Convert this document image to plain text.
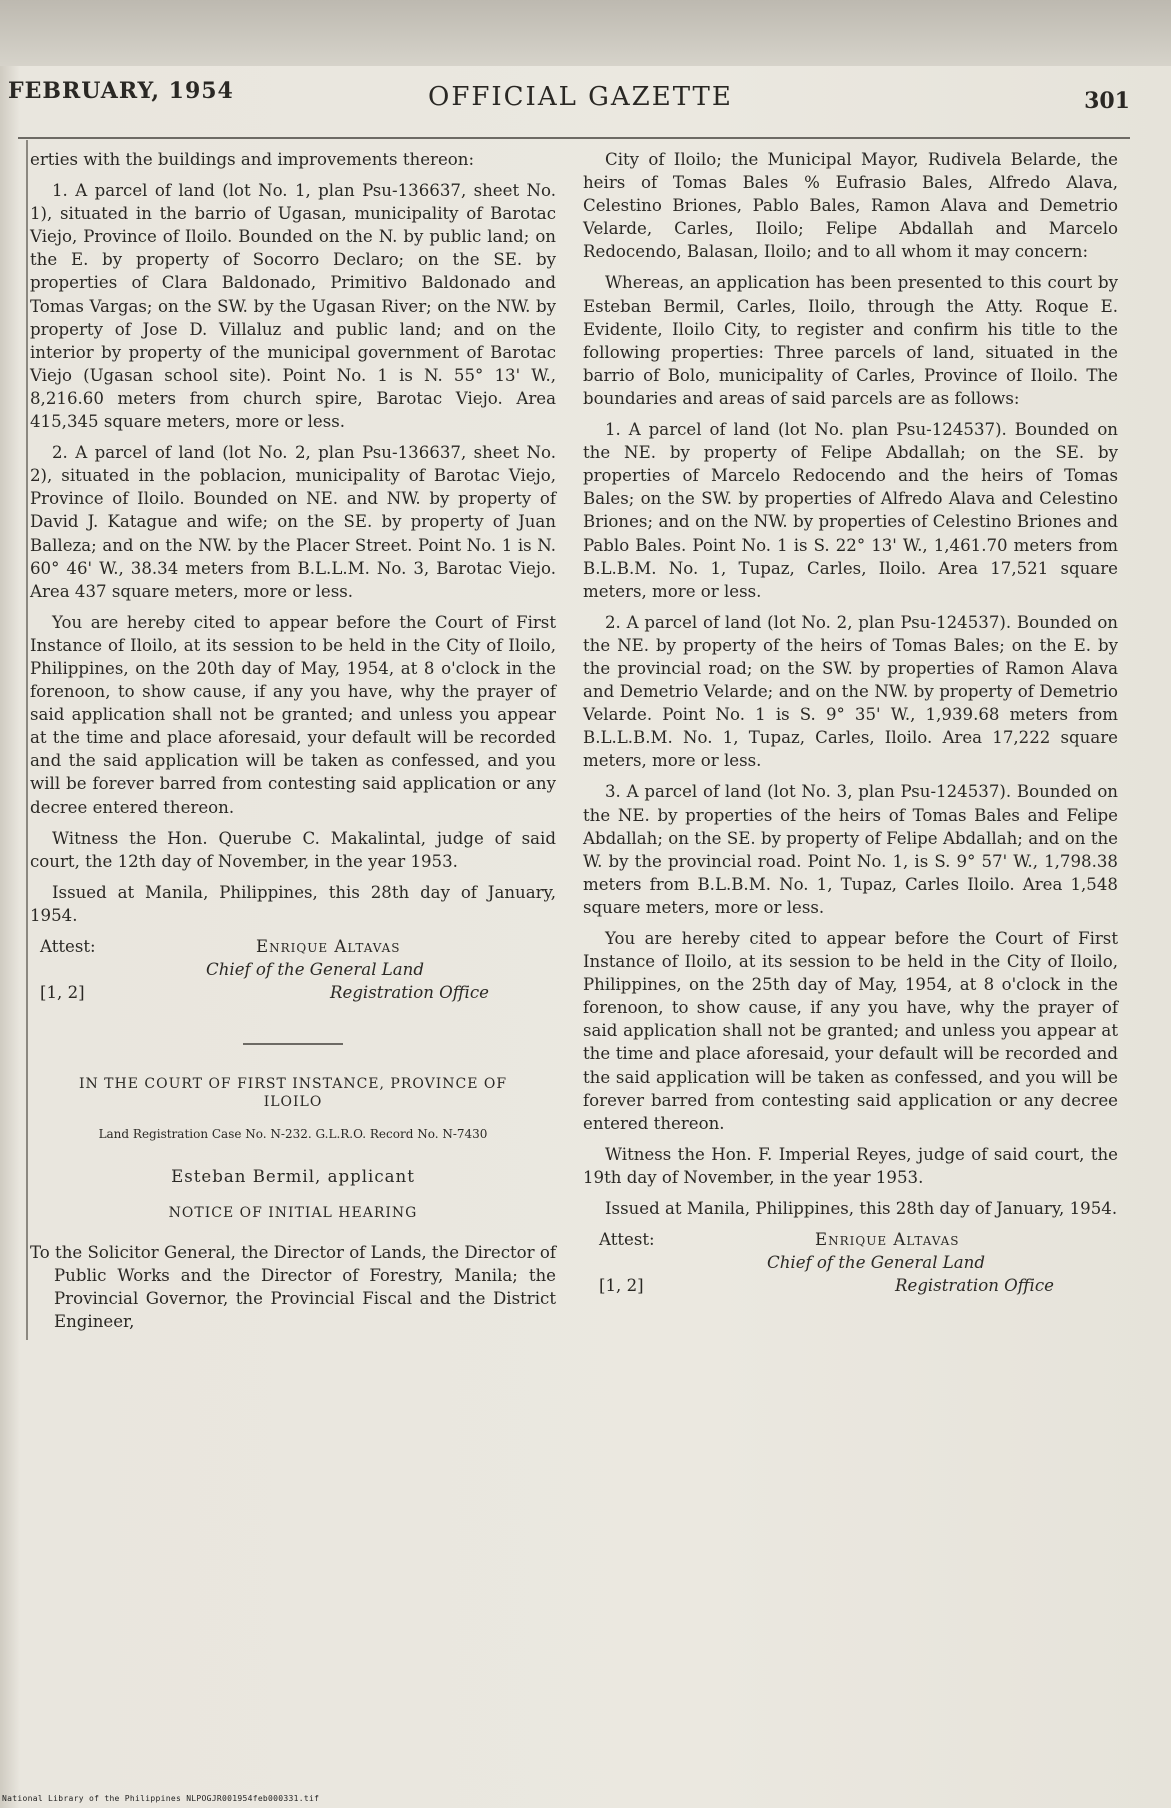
FEBRUARY, 1954	OFFICIAL GAZETTE	301

erties with the buildings and improvements thereon:

1. A parcel of land (lot No. 1, plan Psu-136637, sheet No. 1), situated in the barrio of Ugasan, municipality of Barotac Viejo, Province of Iloilo. Bounded on the N. by public land; on the E. by property of Socorro Declaro; on the SE. by properties of Clara Baldonado, Primitivo Baldonado and Tomas Vargas; on the SW. by the Ugasan River; on the NW. by property of Jose D. Villaluz and public land; and on the interior by property of the municipal government of Barotac Viejo (Ugasan school site). Point No. 1 is N. 55° 13' W., 8,216.60 meters from church spire, Barotac Viejo. Area 415,345 square meters, more or less.

2. A parcel of land (lot No. 2, plan Psu-136637, sheet No. 2), situated in the poblacion, municipality of Barotac Viejo, Province of Iloilo. Bounded on NE. and NW. by property of David J. Katague and wife; on the SE. by property of Juan Balleza; and on the NW. by the Placer Street. Point No. 1 is N. 60° 46' W., 38.34 meters from B.L.L.M. No. 3, Barotac Viejo. Area 437 square meters, more or less.

You are hereby cited to appear before the Court of First Instance of Iloilo, at its session to be held in the City of Iloilo, Philippines, on the 20th day of May, 1954, at 8 o'clock in the forenoon, to show cause, if any you have, why the prayer of said application shall not be granted; and unless you appear at the time and place aforesaid, your default will be recorded and the said application will be taken as confessed, and you will be forever barred from contesting said application or any decree entered thereon.

Witness the Hon. Querube C. Makalintal, judge of said court, the 12th day of November, in the year 1953.

Issued at Manila, Philippines, this 28th day of January, 1954.

Attest:	Enrique Altavas
Chief of the General Land
[1, 2]	Registration Office
IN THE COURT OF FIRST INSTANCE, PROVINCE OF ILOILO
Land Registration Case No. N-232. G.L.R.O. Record No. N-7430
Esteban Bermil, applicant
NOTICE OF INITIAL HEARING

To the Solicitor General, the Director of Lands, the Director of Public Works and the Director of Forestry, Manila; the Provincial Governor, the Provincial Fiscal and the District Engineer,

City of Iloilo; the Municipal Mayor, Rudivela Belarde, the heirs of Tomas Bales % Eufrasio Bales, Alfredo Alava, Celestino Briones, Pablo Bales, Ramon Alava and Demetrio Velarde, Carles, Iloilo; Felipe Abdallah and Marcelo Redocendo, Balasan, Iloilo; and to all whom it may concern:

Whereas, an application has been presented to this court by Esteban Bermil, Carles, Iloilo, through the Atty. Roque E. Evidente, Iloilo City, to register and confirm his title to the following properties: Three parcels of land, situated in the barrio of Bolo, municipality of Carles, Province of Iloilo. The boundaries and areas of said parcels are as follows:

1. A parcel of land (lot No. plan Psu-124537). Bounded on the NE. by property of Felipe Abdallah; on the SE. by properties of Marcelo Redocendo and the heirs of Tomas Bales; on the SW. by properties of Alfredo Alava and Celestino Briones; and on the NW. by properties of Celestino Briones and Pablo Bales. Point No. 1 is S. 22° 13' W., 1,461.70 meters from B.L.B.M. No. 1, Tupaz, Carles, Iloilo. Area 17,521 square meters, more or less.

2. A parcel of land (lot No. 2, plan Psu-124537). Bounded on the NE. by property of the heirs of Tomas Bales; on the E. by the provincial road; on the SW. by properties of Ramon Alava and Demetrio Velarde; and on the NW. by property of Demetrio Velarde. Point No. 1 is S. 9° 35' W., 1,939.68 meters from B.L.L.B.M. No. 1, Tupaz, Carles, Iloilo. Area 17,222 square meters, more or less.

3. A parcel of land (lot No. 3, plan Psu-124537). Bounded on the NE. by properties of the heirs of Tomas Bales and Felipe Abdallah; on the SE. by property of Felipe Abdallah; and on the W. by the provincial road. Point No. 1, is S. 9° 57' W., 1,798.38 meters from B.L.B.M. No. 1, Tupaz, Carles Iloilo. Area 1,548 square meters, more or less.

You are hereby cited to appear before the Court of First Instance of Iloilo, at its session to be held in the City of Iloilo, Philippines, on the 25th day of May, 1954, at 8 o'clock in the forenoon, to show cause, if any you have, why the prayer of said application shall not be granted; and unless you appear at the time and place aforesaid, your default will be recorded and the said application will be taken as confessed, and you will be forever barred from contesting said application or any decree entered thereon.

Witness the Hon. F. Imperial Reyes, judge of said court, the 19th day of November, in the year 1953.

Issued at Manila, Philippines, this 28th day of January, 1954.

Attest:	Enrique Altavas
Chief of the General Land
[1, 2]	Registration Office
National Library of the Philippines NLPOGJR001954feb000331.tif
